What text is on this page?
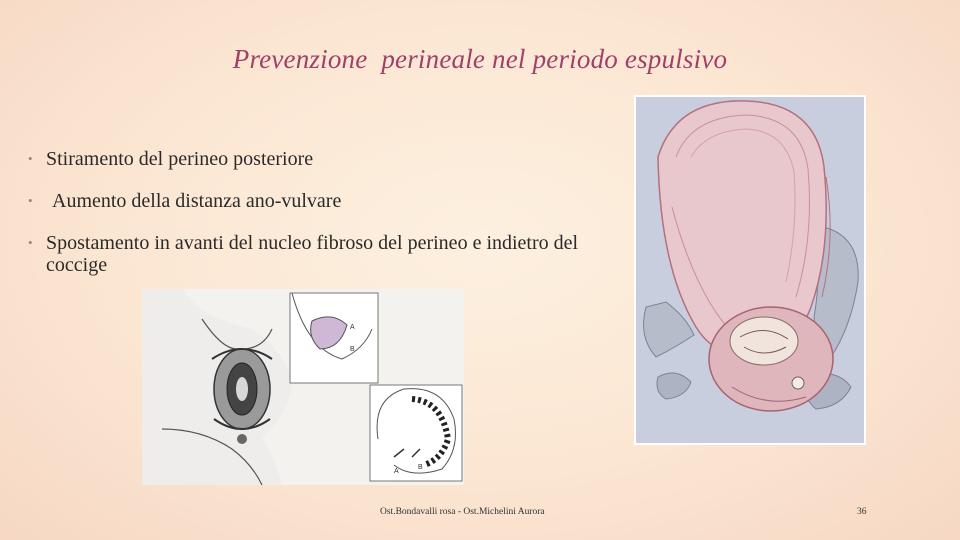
Prevenzione  perineale nel periodo espulsivo
• Stiramento del perineo posteriore
• Aumento della distanza ano-vulvare
• Spostamento in avanti del nucleo fibroso del perineo e indietro del coccige
A
B
A
B
Ost.Bondavalli rosa - Ost.Michelini Aurora	36
